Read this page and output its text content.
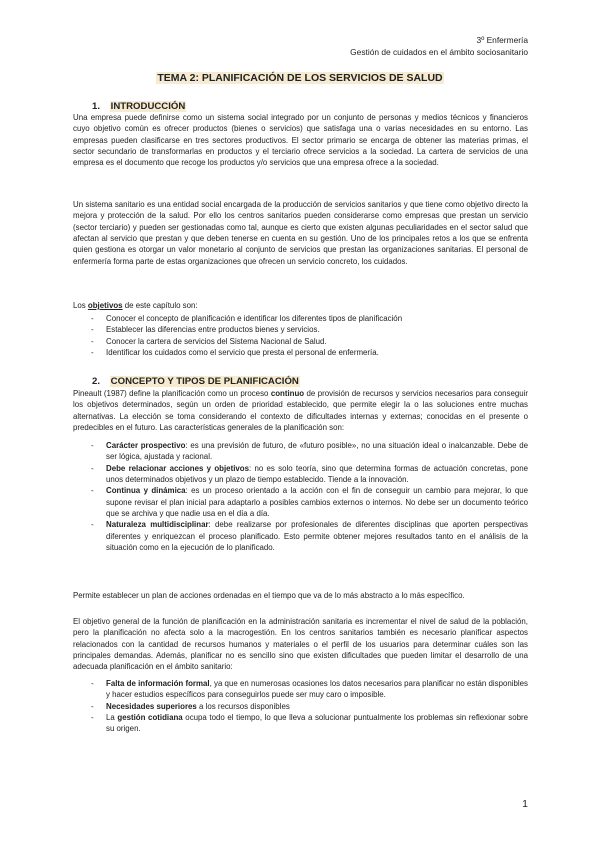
3º Enfermería
Gestión de cuidados en el ámbito sociosanitario
TEMA 2: PLANIFICACIÓN DE LOS SERVICIOS DE SALUD
1. INTRODUCCIÓN
Una empresa puede definirse como un sistema social integrado por un conjunto de personas y medios técnicos y financieros cuyo objetivo común es ofrecer productos (bienes o servicios) que satisfaga una o varias necesidades en su entorno. Las empresas pueden clasificarse en tres sectores productivos. El sector primario se encarga de obtener las materias primas, el sector secundario de transformarlas en productos y el terciario ofrece servicios a la sociedad. La cartera de servicios de una empresa es el documento que recoge los productos y/o servicios que una empresa ofrece a la sociedad.
Un sistema sanitario es una entidad social encargada de la producción de servicios sanitarios y que tiene como objetivo directo la mejora y protección de la salud. Por ello los centros sanitarios pueden considerarse como empresas que prestan un servicio (sector terciario) y pueden ser gestionadas como tal, aunque es cierto que existen algunas peculiaridades en el sector salud que afectan al servicio que prestan y que deben tenerse en cuenta en su gestión. Uno de los principales retos a los que se enfrenta quien gestiona es otorgar un valor monetario al conjunto de servicios que prestan las organizaciones sanitarias. El personal de enfermería forma parte de estas organizaciones que ofrecen un servicio concreto, los cuidados.
Los objetivos de este capítulo son:
- Conocer el concepto de planificación e identificar los diferentes tipos de planificación
- Establecer las diferencias entre productos bienes y servicios.
- Conocer la cartera de servicios del Sistema Nacional de Salud.
- Identificar los cuidados como el servicio que presta el personal de enfermería.
2. CONCEPTO Y TIPOS DE PLANIFICACIÓN
Pineault (1987) define la planificación como un proceso continuo de provisión de recursos y servicios necesarios para conseguir los objetivos determinados, según un orden de prioridad establecido, que permite elegir la o las soluciones entre muchas alternativas. La elección se toma considerando el contexto de dificultades internas y externas; conocidas en el presente o predecibles en el futuro. Las características generales de la planificación son:
- Carácter prospectivo: es una previsión de futuro, de «futuro posible», no una situación ideal o inalcanzable. Debe de ser lógica, ajustada y racional.
- Debe relacionar acciones y objetivos: no es solo teoría, sino que determina formas de actuación concretas, pone unos determinados objetivos y un plazo de tiempo establecido. Tiende a la innovación.
- Continua y dinámica: es un proceso orientado a la acción con el fin de conseguir un cambio para mejorar, lo que supone revisar el plan inicial para adaptarlo a posibles cambios externos o internos. No debe ser un documento teórico que se archiva y que nadie usa en el día a día.
- Naturaleza multidisciplinar: debe realizarse por profesionales de diferentes disciplinas que aporten perspectivas diferentes y enriquezcan el proceso planificado. Esto permite obtener mejores resultados tanto en el análisis de la situación como en la ejecución de lo planificado.
Permite establecer un plan de acciones ordenadas en el tiempo que va de lo más abstracto a lo más específico.
El objetivo general de la función de planificación en la administración sanitaria es incrementar el nivel de salud de la población, pero la planificación no afecta solo a la macrogestión. En los centros sanitarios también es necesario planificar aspectos relacionados con la cantidad de recursos humanos y materiales o el perfil de los usuarios para determinar cuáles son las principales demandas. Además, planificar no es sencillo sino que existen dificultades que pueden limitar el desarrollo de una adecuada planificación en el ámbito sanitario:
- Falta de información formal, ya que en numerosas ocasiones los datos necesarios para planificar no están disponibles y hacer estudios específicos para conseguirlos puede ser muy caro o imposible.
- Necesidades superiores a los recursos disponibles
- La gestión cotidiana ocupa todo el tiempo, lo que lleva a solucionar puntualmente los problemas sin reflexionar sobre su origen.
1
